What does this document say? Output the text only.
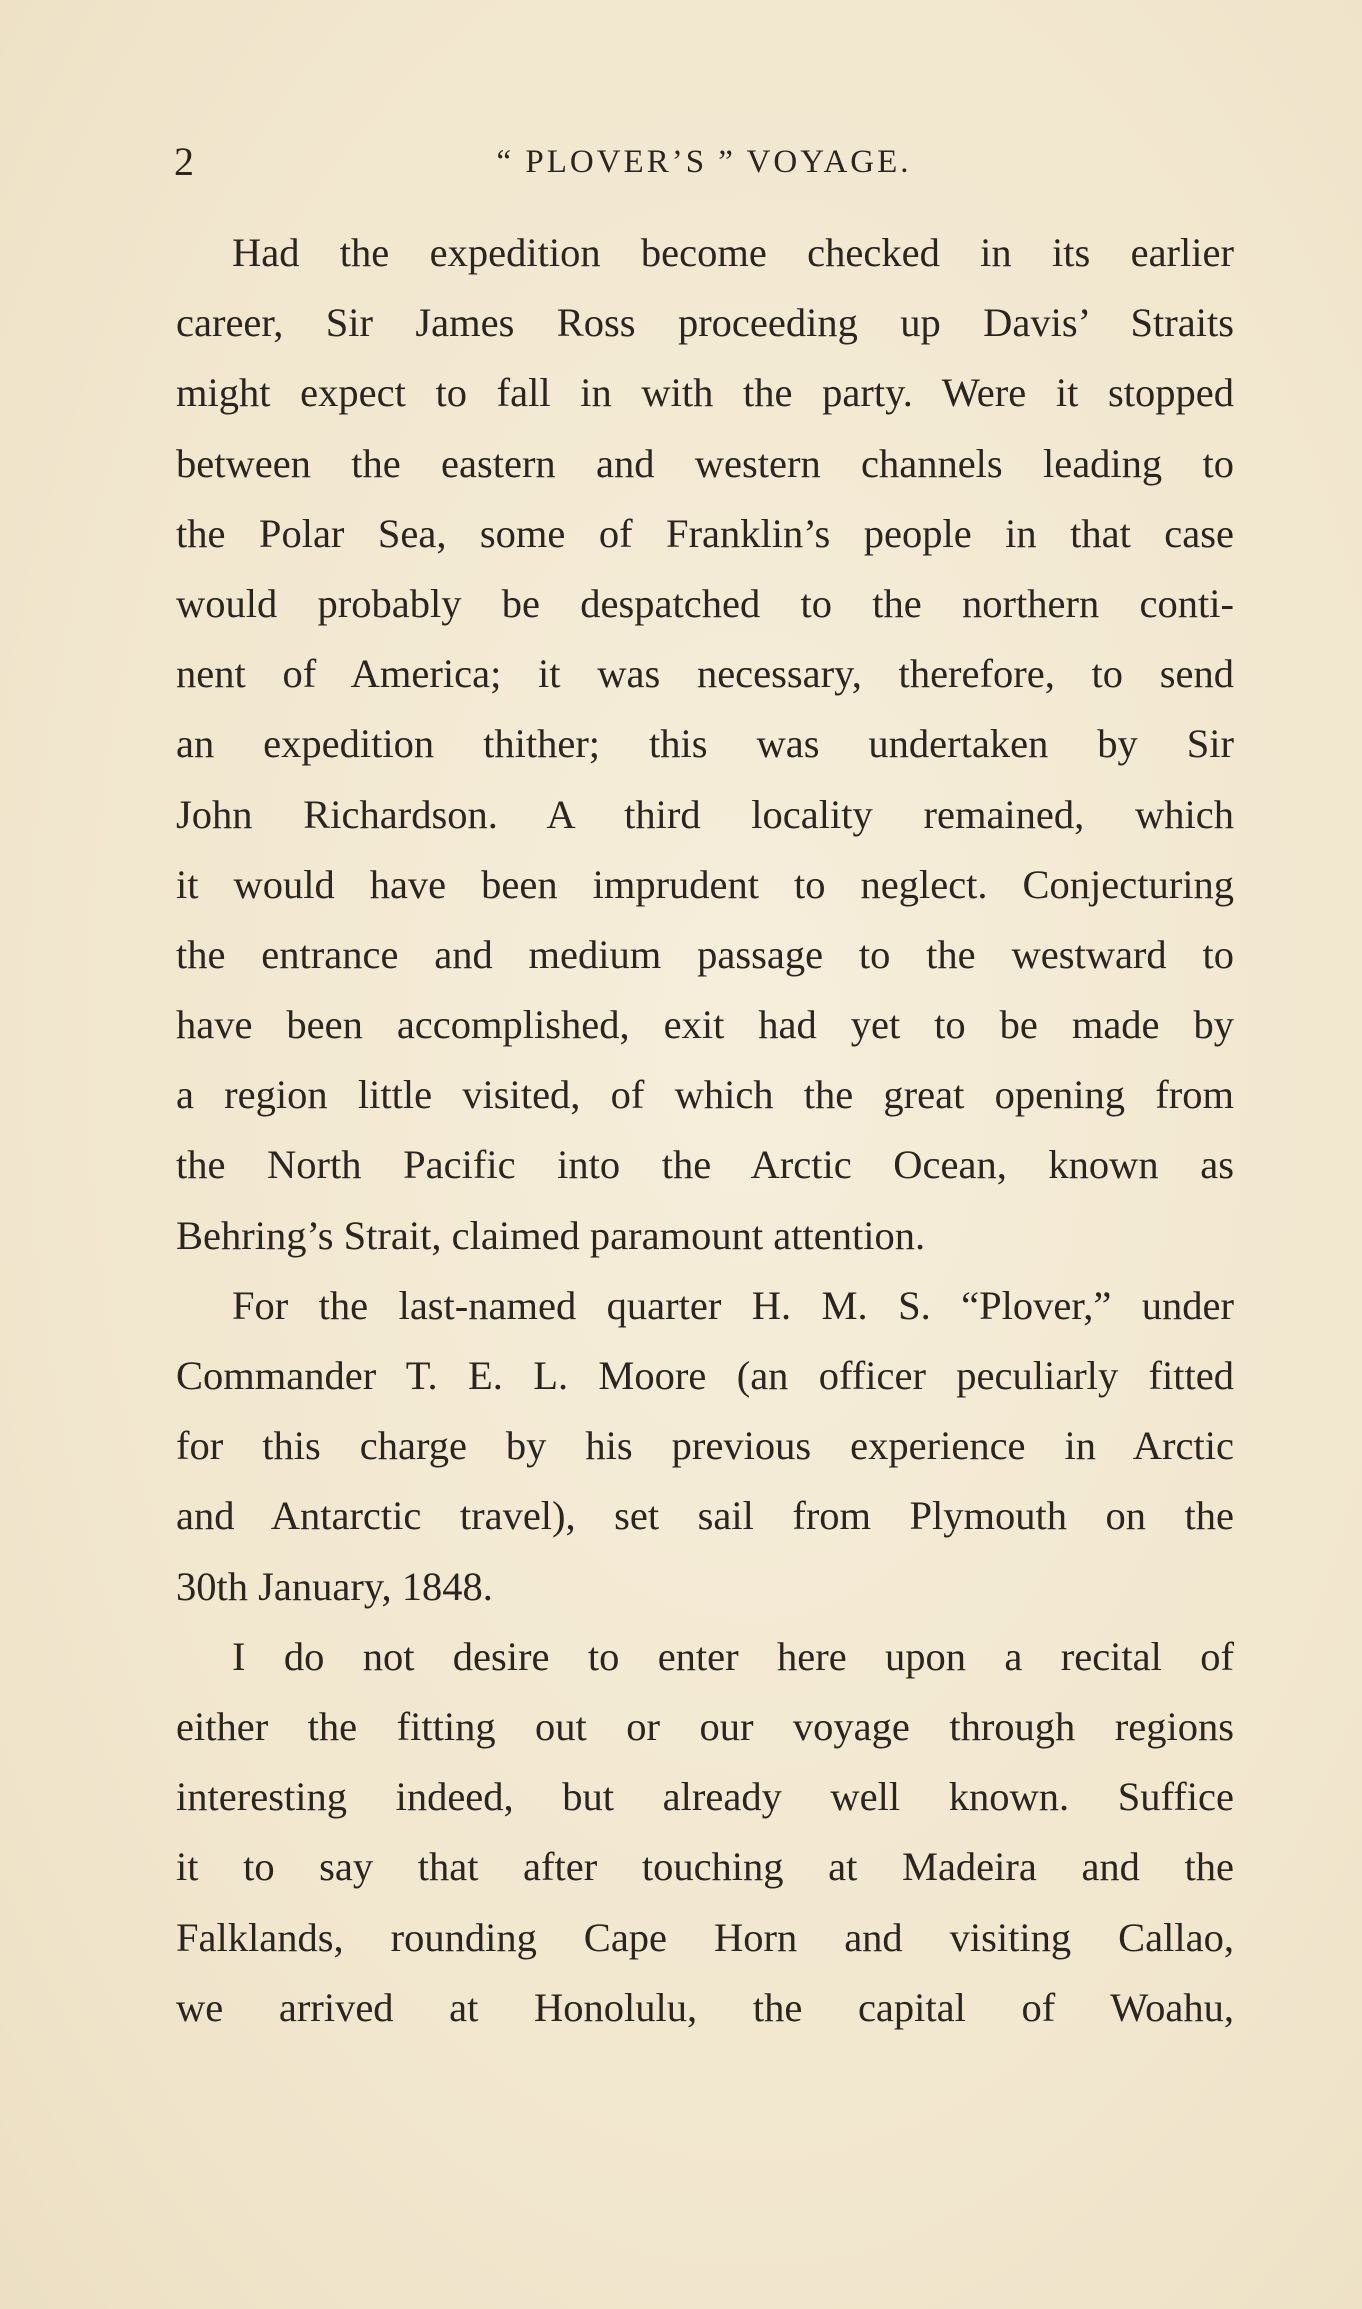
2	“ PLOVER’S ” VOYAGE.
Had the expedition become checked in its earlier
career, Sir James Ross proceeding up Davis’ Straits
might expect to fall in with the party. Were it stopped
between the eastern and western channels leading to
the Polar Sea, some of Franklin’s people in that case
would probably be despatched to the northern conti-
nent of America; it was necessary, therefore, to send
an expedition thither; this was undertaken by Sir
John Richardson. A third locality remained, which
it would have been imprudent to neglect. Conjecturing
the entrance and medium passage to the westward to
have been accomplished, exit had yet to be made by
a region little visited, of which the great opening from
the North Pacific into the Arctic Ocean, known as
Behring’s Strait, claimed paramount attention.
For the last-named quarter H. M. S. “Plover,” under
Commander T. E. L. Moore (an officer peculiarly fitted
for this charge by his previous experience in Arctic
and Antarctic travel), set sail from Plymouth on the
30th January, 1848.
I do not desire to enter here upon a recital of
either the fitting out or our voyage through regions
interesting indeed, but already well known. Suffice
it to say that after touching at Madeira and the
Falklands, rounding Cape Horn and visiting Callao,
we arrived at Honolulu, the capital of Woahu,
